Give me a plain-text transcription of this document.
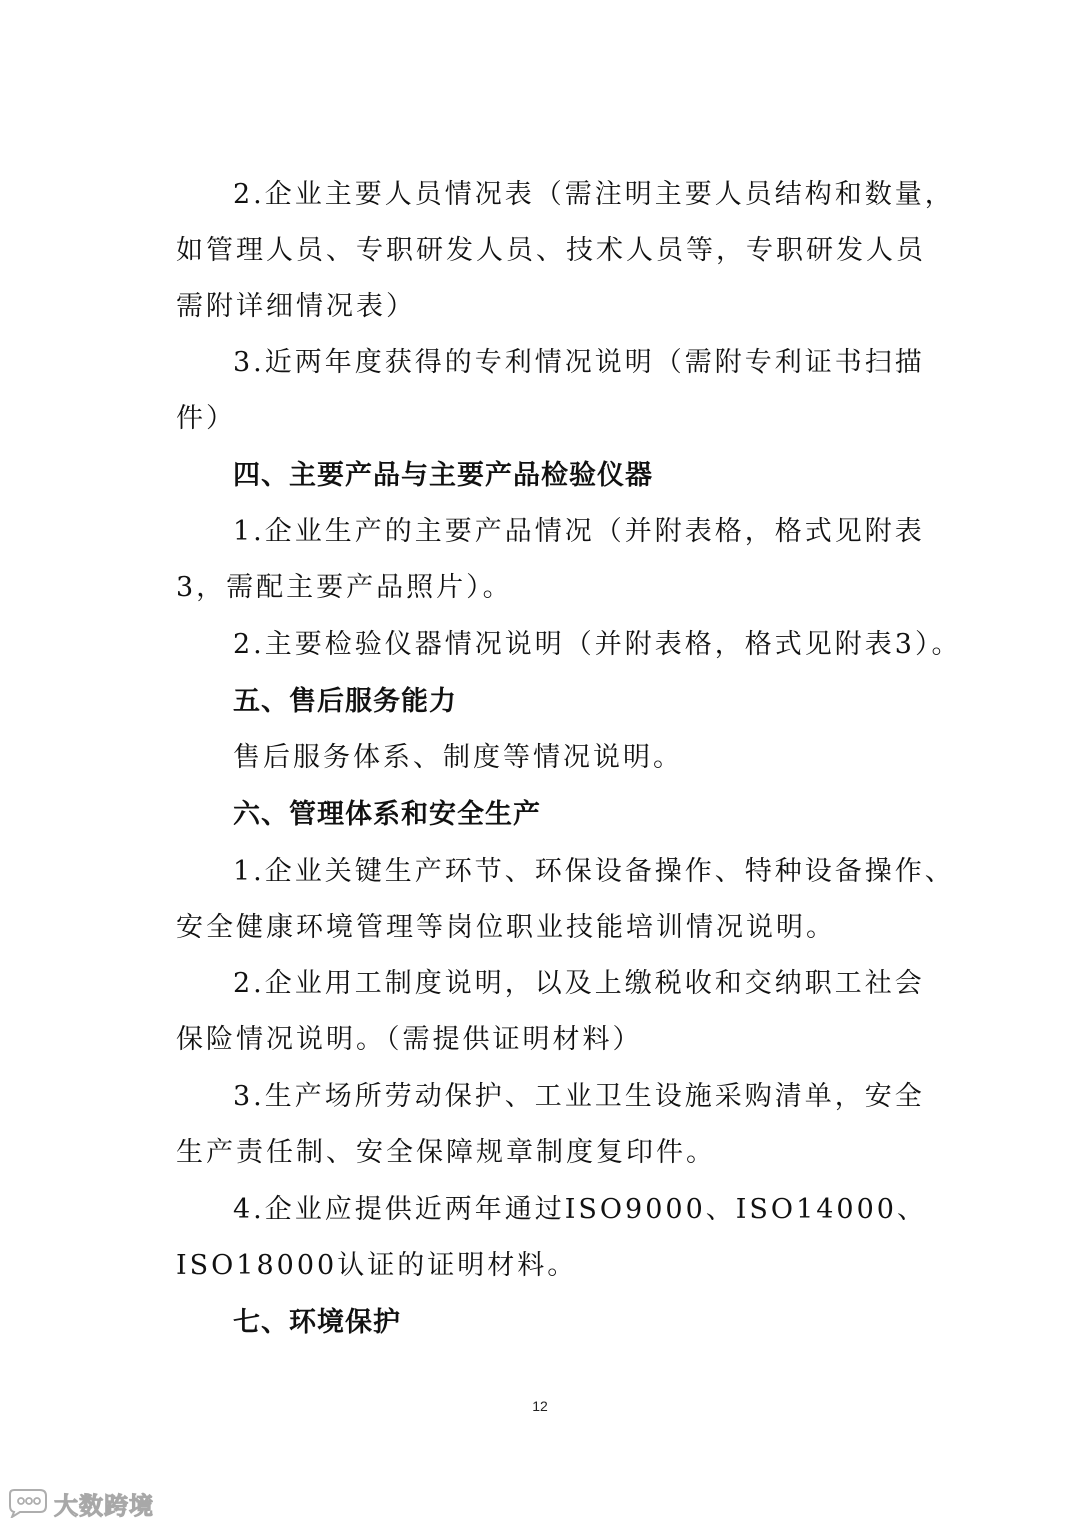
2.企业主要人员情况表（需注明主要人员结构和数量，
如管理人员、专职研发人员、技术人员等，专职研发人员
需附详细情况表）
3.近两年度获得的专利情况说明（需附专利证书扫描
件）
四、主要产品与主要产品检验仪器
1.企业生产的主要产品情况（并附表格，格式见附表
3，需配主要产品照片）。
2.主要检验仪器情况说明（并附表格，格式见附表3）。
五、售后服务能力
售后服务体系、制度等情况说明。
六、管理体系和安全生产
1.企业关键生产环节、环保设备操作、特种设备操作、
安全健康环境管理等岗位职业技能培训情况说明。
2.企业用工制度说明，以及上缴税收和交纳职工社会
保险情况说明。（需提供证明材料）
3.生产场所劳动保护、工业卫生设施采购清单，安全
生产责任制、安全保障规章制度复印件。
4.企业应提供近两年通过ISO9000、ISO14000、
ISO18000认证的证明材料。
七、环境保护
12
大数跨境
